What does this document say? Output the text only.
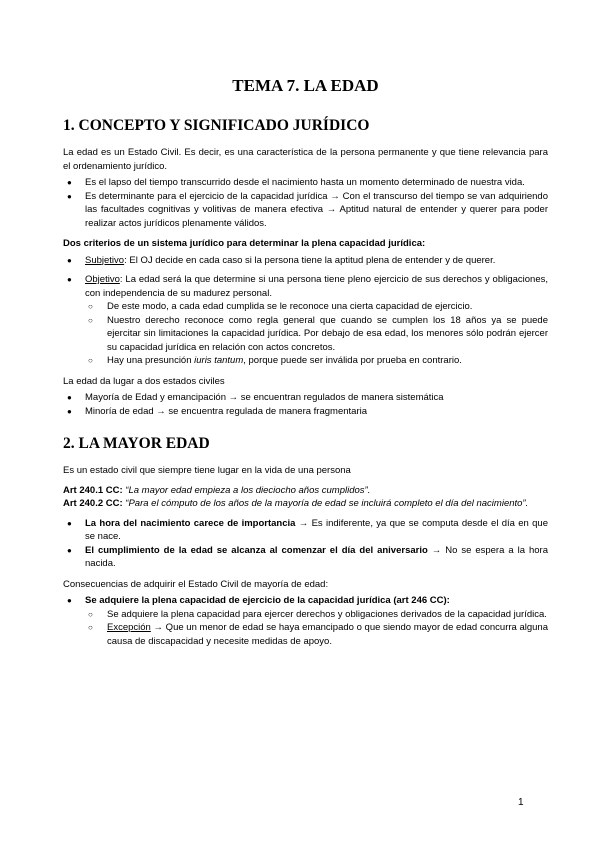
TEMA 7. LA EDAD
1. CONCEPTO Y SIGNIFICADO JURÍDICO

La edad es un Estado Civil. Es decir, es una característica de la persona permanente y que tiene relevancia para el ordenamiento jurídico.

● Es el lapso del tiempo transcurrido desde el nacimiento hasta un momento determinado de nuestra vida.
● Es determinante para el ejercicio de la capacidad jurídica → Con el transcurso del tiempo se van adquiriendo las facultades cognitivas y volitivas de manera efectiva → Aptitud natural de entender y querer para poder realizar actos jurídicos plenamente válidos.

Dos criterios de un sistema jurídico para determinar la plena capacidad jurídica:

● Subjetivo: El OJ decide en cada caso si la persona tiene la aptitud plena de entender y de querer.
● Objetivo: La edad será la que determine si una persona tiene pleno ejercicio de sus derechos y obligaciones, con independencia de su madurez personal.
○ De este modo, a cada edad cumplida se le reconoce una cierta capacidad de ejercicio.
○ Nuestro derecho reconoce como regla general que cuando se cumplen los 18 años ya se puede ejercitar sin limitaciones la capacidad jurídica. Por debajo de esa edad, los menores sólo podrán ejercer su capacidad jurídica en relación con actos concretos.
○ Hay una presunción iuris tantum, porque puede ser inválida por prueba en contrario.

La edad da lugar a dos estados civiles

● Mayoría de Edad y emancipación → se encuentran regulados de manera sistemática
● Minoría de edad → se encuentra regulada de manera fragmentaria
2. LA MAYOR EDAD

Es un estado civil que siempre tiene lugar en la vida de una persona

Art 240.1 CC: “La mayor edad empieza a los dieciocho años cumplidos”.

Art 240.2 CC: “Para el cómputo de los años de la mayoría de edad se incluirá completo el día del nacimiento”.

● La hora del nacimiento carece de importancia → Es indiferente, ya que se computa desde el día en que se nace.
● El cumplimiento de la edad se alcanza al comenzar el día del aniversario → No se espera a la hora nacida.

Consecuencias de adquirir el Estado Civil de mayoría de edad:

● Se adquiere la plena capacidad de ejercicio de la capacidad jurídica (art 246 CC):
○ Se adquiere la plena capacidad para ejercer derechos y obligaciones derivados de la capacidad jurídica.
○ Excepción → Que un menor de edad se haya emancipado o que siendo mayor de edad concurra alguna causa de discapacidad y necesite medidas de apoyo.
1
